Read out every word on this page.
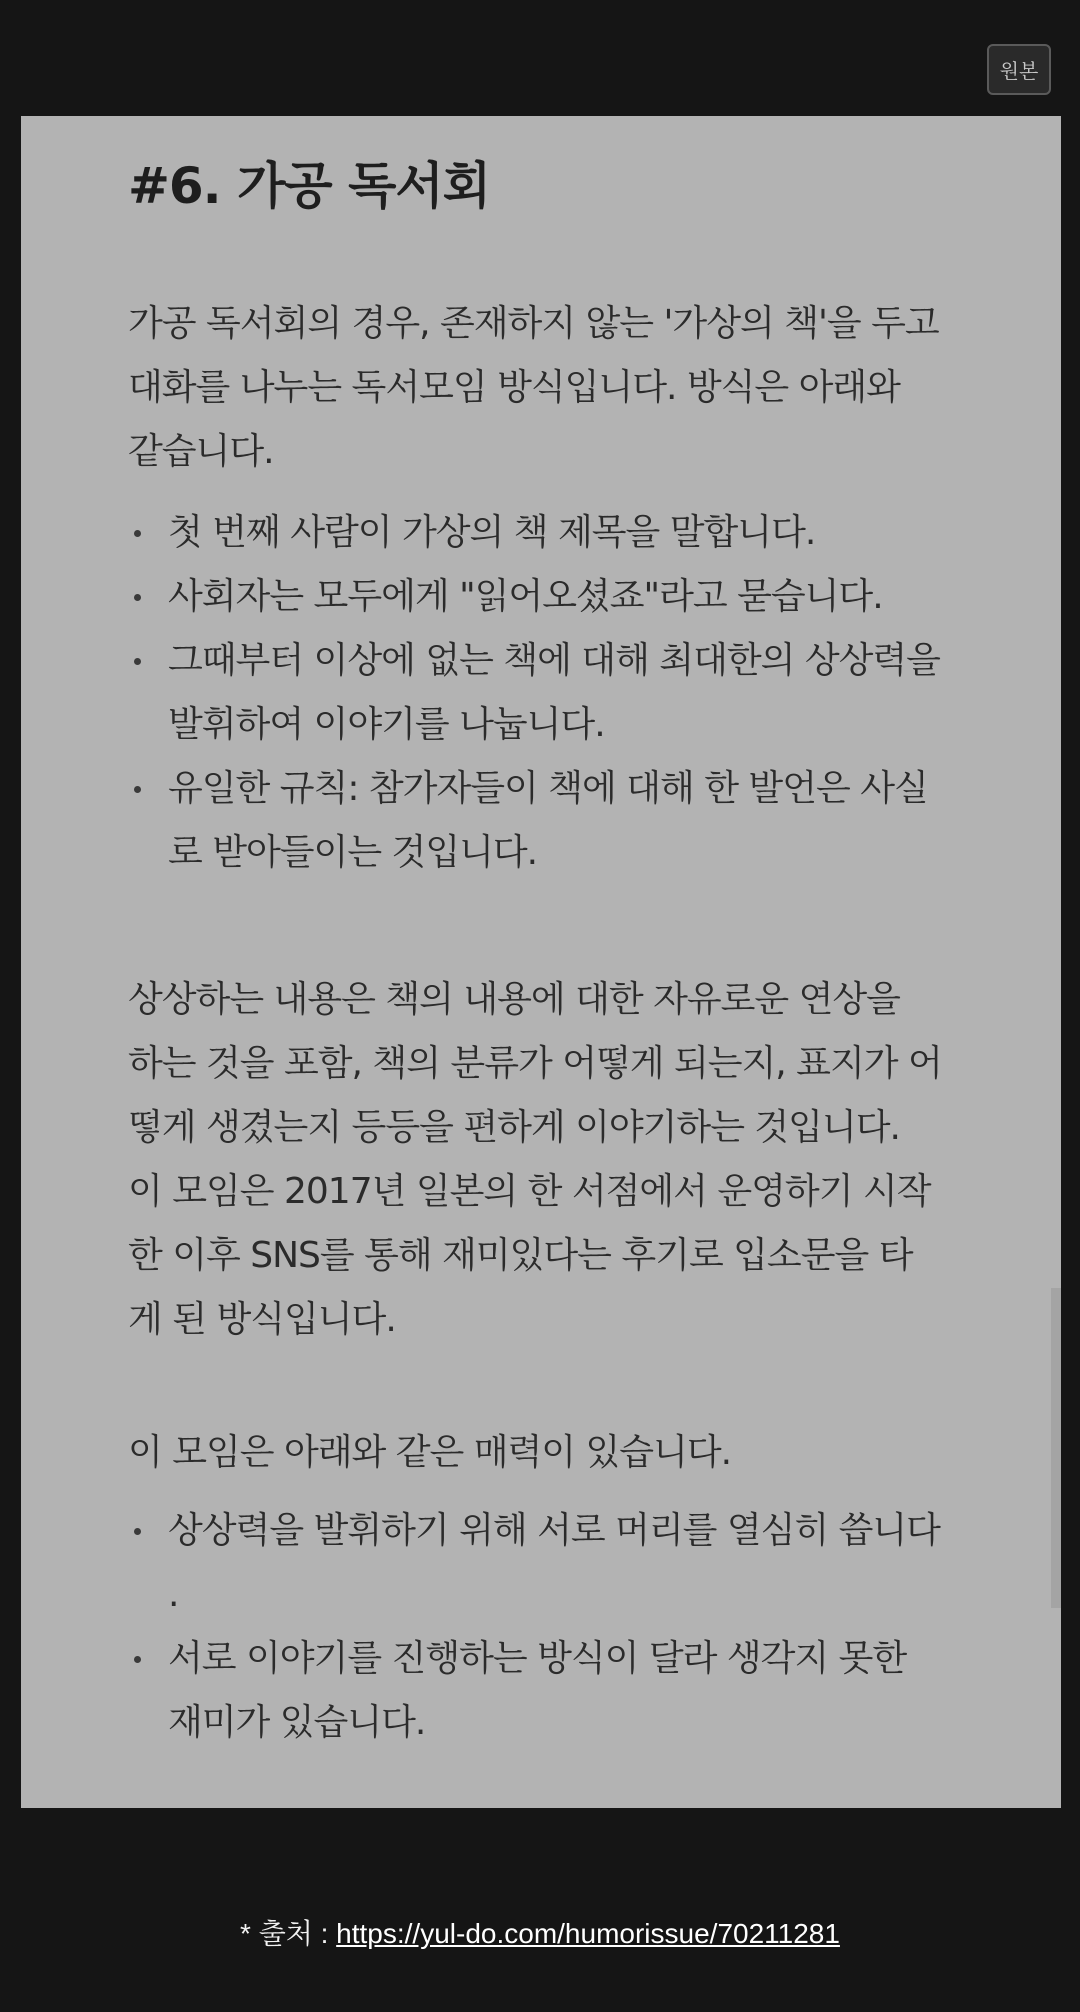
원본
#6. 가공 독서회
가공 독서회의 경우, 존재하지 않는 '가상의 책'을 두고
대화를 나누는 독서모임 방식입니다. 방식은 아래와
같습니다.
첫 번째 사람이 가상의 책 제목을 말합니다.
사회자는 모두에게 "읽어오셨죠"라고 묻습니다.
그때부터 이상에 없는 책에 대해 최대한의 상상력을
발휘하여 이야기를 나눕니다.
유일한 규칙: 참가자들이 책에 대해 한 발언은 사실
로 받아들이는 것입니다.
상상하는 내용은 책의 내용에 대한 자유로운 연상을
하는 것을 포함, 책의 분류가 어떻게 되는지, 표지가 어
떻게 생겼는지 등등을 편하게 이야기하는 것입니다.
이 모임은 2017년 일본의 한 서점에서 운영하기 시작
한 이후 SNS를 통해 재미있다는 후기로 입소문을 타
게 된 방식입니다.
이 모임은 아래와 같은 매력이 있습니다.
상상력을 발휘하기 위해 서로 머리를 열심히 씁니다
.
서로 이야기를 진행하는 방식이 달라 생각지 못한
재미가 있습니다.
* 출처 : https://yul-do.com/humorissue/70211281
